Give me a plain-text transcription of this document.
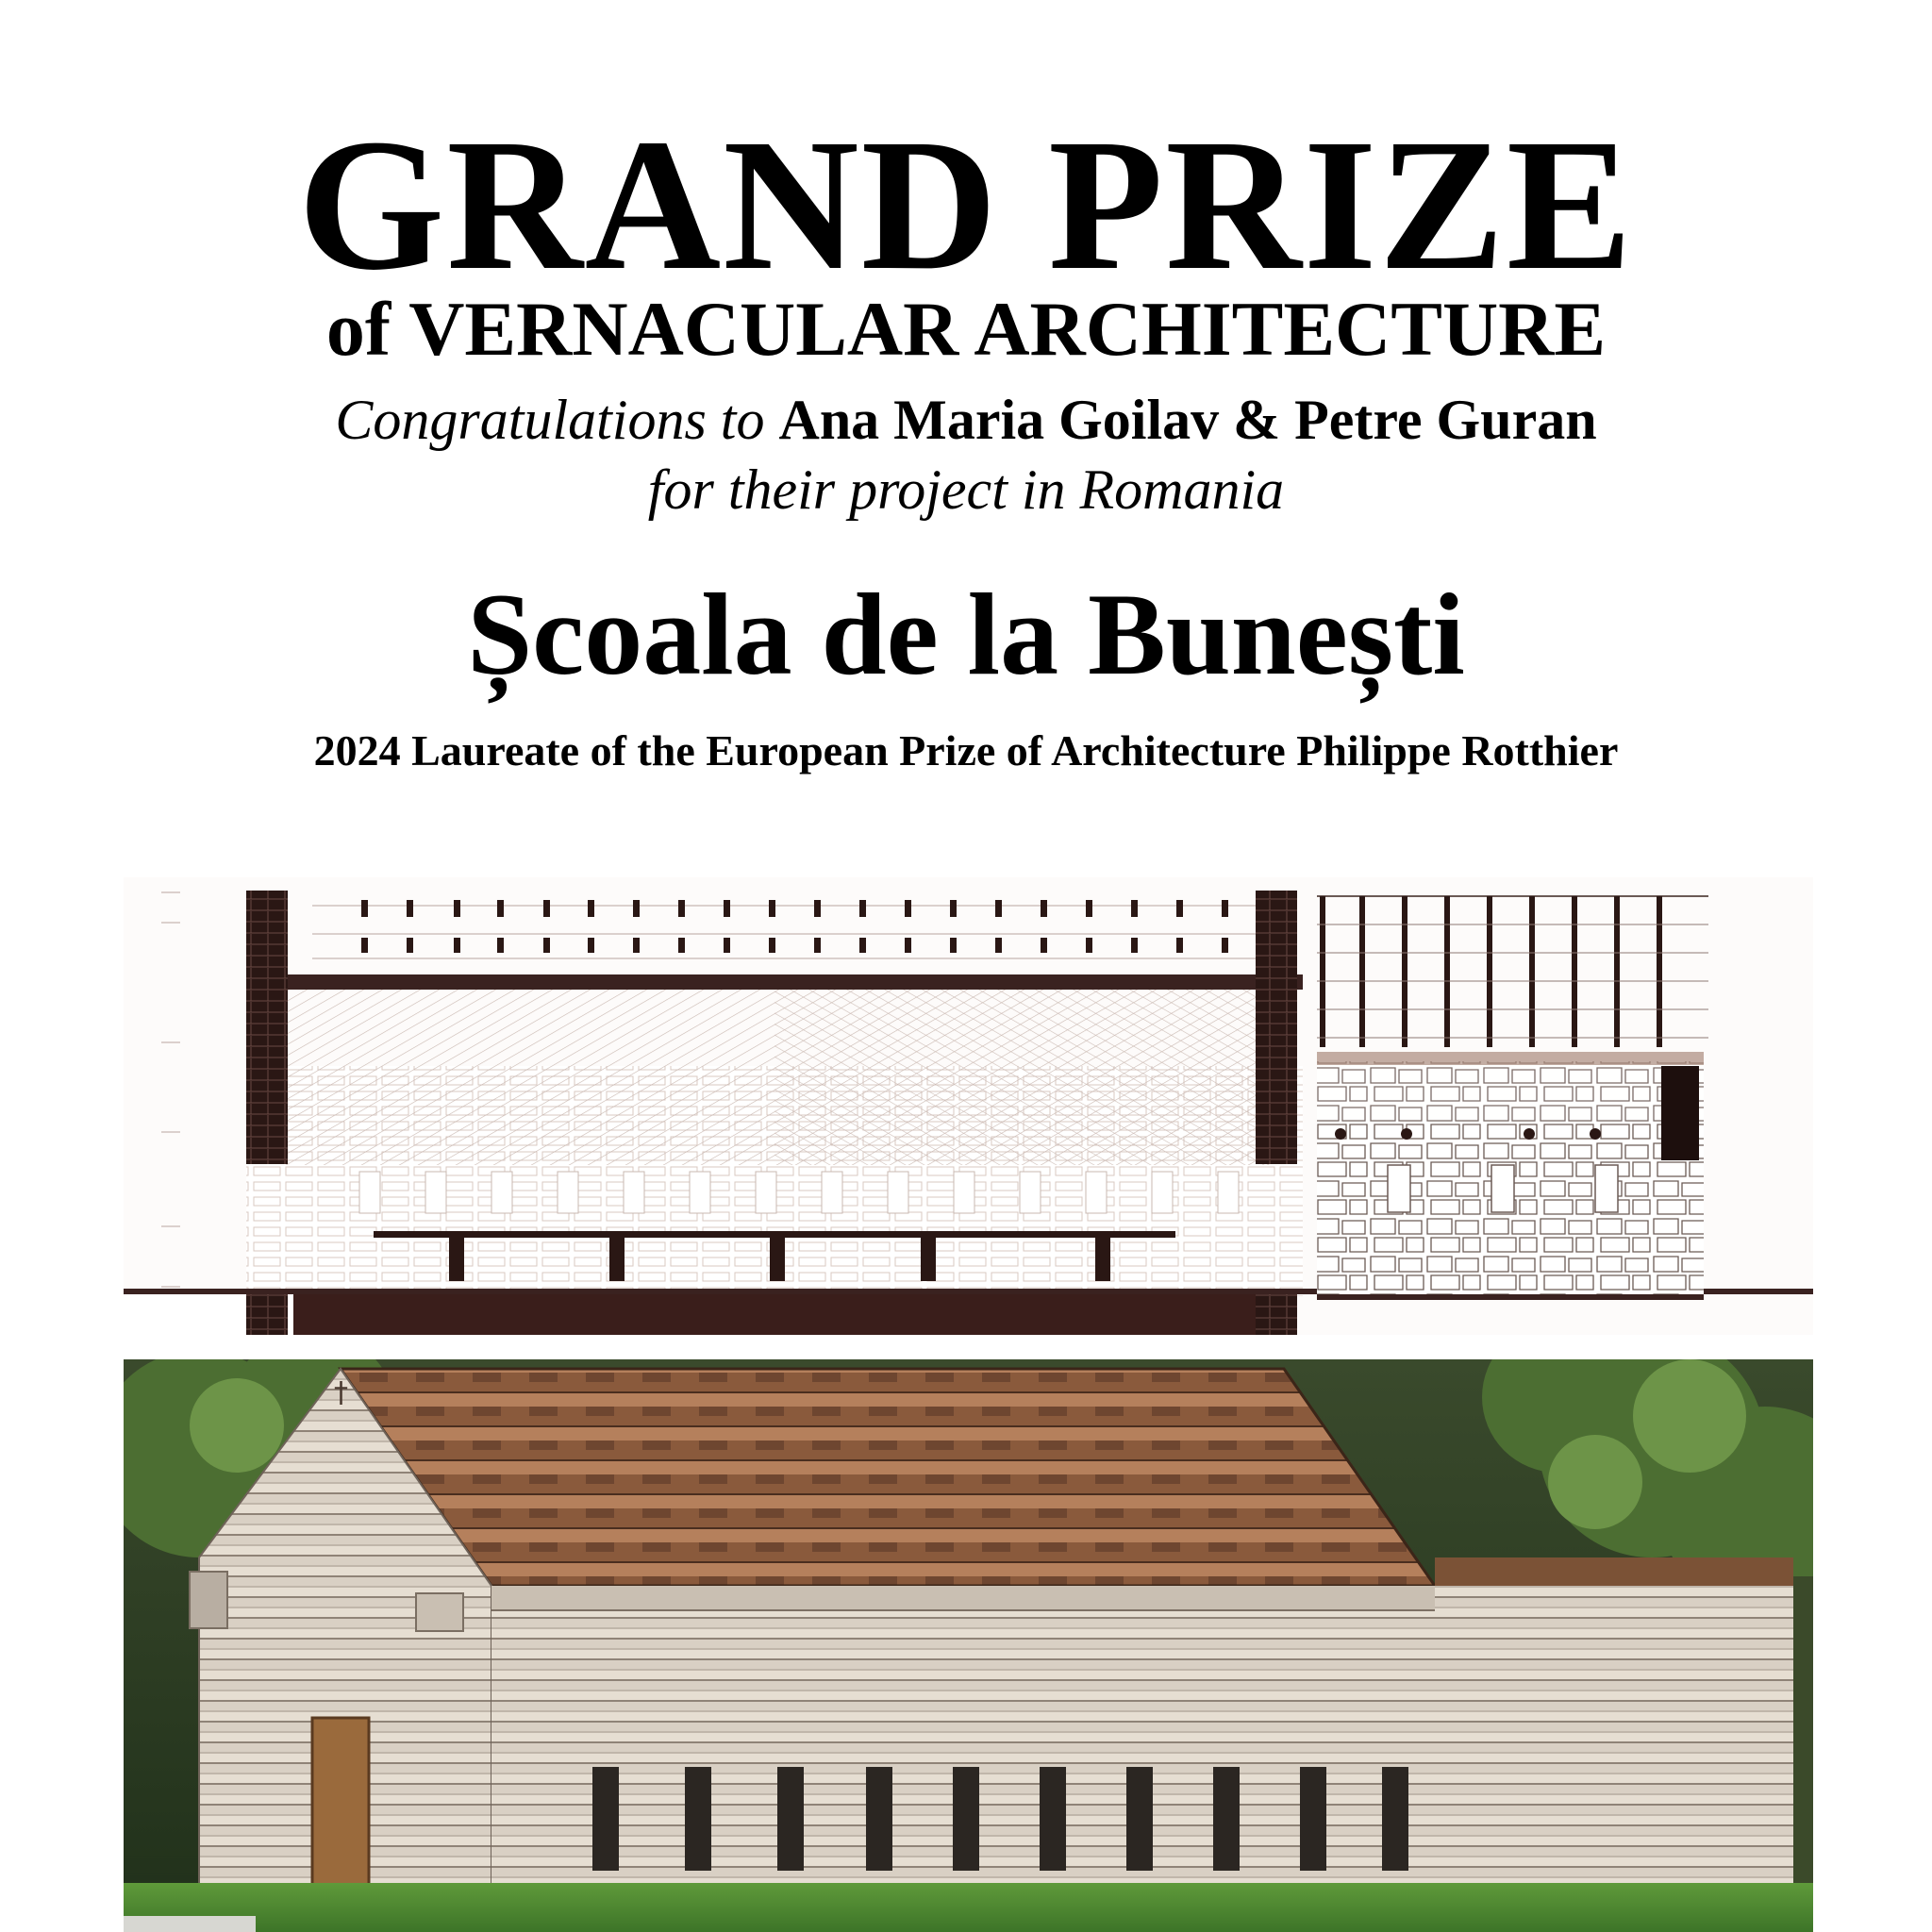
GRAND PRIZE
of VERNACULAR ARCHITECTURE
Congratulations to Ana Maria Goilav & Petre Guran
for their project in Romania
Școala de la Bunești
2024 Laureate of the European Prize of Architecture Philippe Rotthier
†
